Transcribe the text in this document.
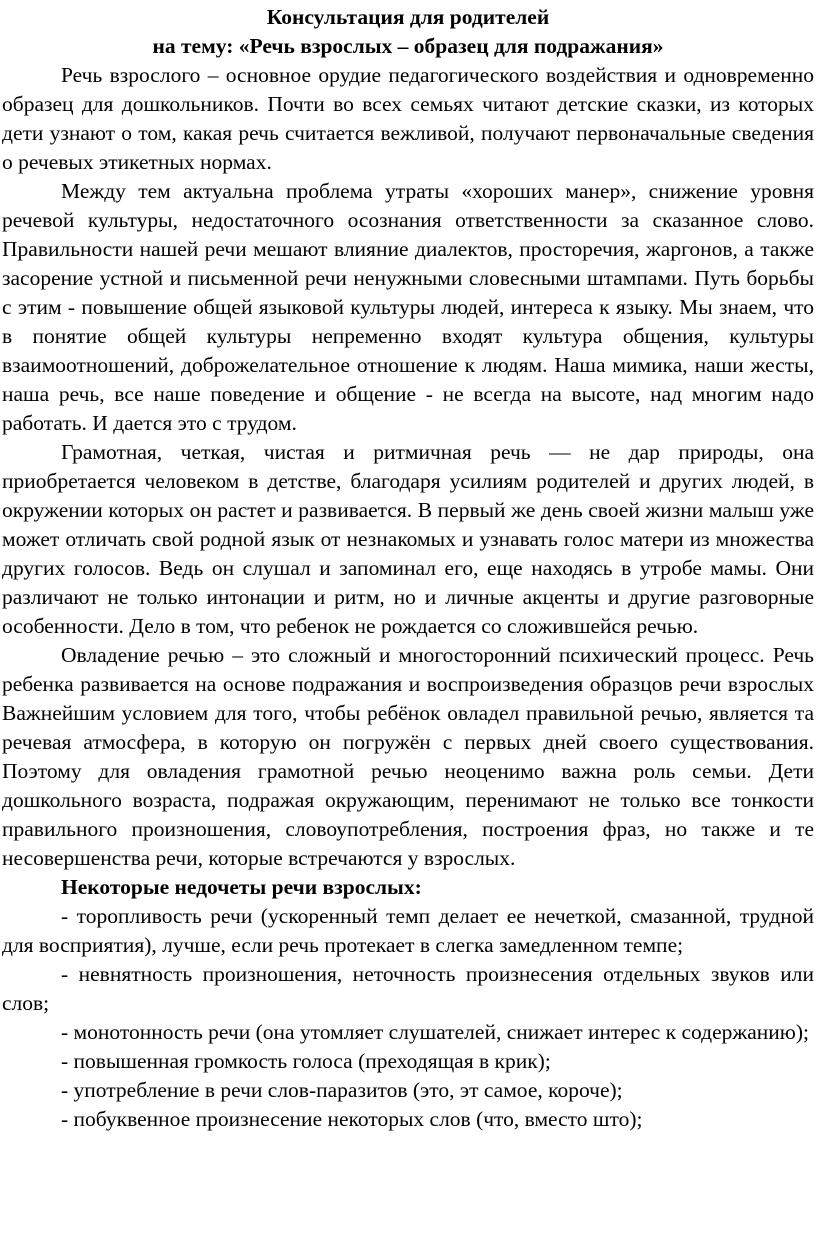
Консультация для родителей
на тему: «Речь взрослых – образец для подражания»

Речь взрослого – основное орудие педагогического воздействия и одновременно образец для дошкольников. Почти во всех семьях читают детские сказки, из которых дети узнают о том, какая речь считается вежливой, получают первоначальные сведения о речевых этикетных нормах.

Между тем актуальна проблема утраты «хороших манер», снижение уровня речевой культуры, недостаточного осознания ответственности за сказанное слово. Правильности нашей речи мешают влияние диалектов, просторечия, жаргонов, а также засорение устной и письменной речи ненужными словесными штампами. Путь борьбы с этим - повышение общей языковой культуры людей, интереса к языку. Мы знаем, что в понятие общей культуры непременно входят культура общения, культуры взаимоотношений, доброжелательное отношение к людям. Наша мимика, наши жесты, наша речь, все наше поведение и общение - не всегда на высоте, над многим надо работать. И дается это с трудом.

Грамотная, четкая, чистая и ритмичная речь — не дар природы, она приобретается человеком в детстве, благодаря усилиям родителей и других людей, в окружении которых он растет и развивается. В первый же день своей жизни малыш уже может отличать свой родной язык от незнакомых и узнавать голос матери из множества других голосов. Ведь он слушал и запоминал его, еще находясь в утробе мамы. Они различают не только интонации и ритм, но и личные акценты и другие разговорные особенности. Дело в том, что ребенок не рождается со сложившейся речью.

Овладение речью – это сложный и многосторонний психический процесс. Речь ребенка развивается на основе подражания и воспроизведения образцов речи взрослых Важнейшим условием для того, чтобы ребёнок овладел правильной речью, является та речевая атмосфера, в которую он погружён с первых дней своего существования. Поэтому для овладения грамотной речью неоценимо важна роль семьи. Дети дошкольного возраста, подражая окружающим, перенимают не только все тонкости правильного произношения, словоупотребления, построения фраз, но также и те несовершенства речи, которые встречаются у взрослых.

Некоторые недочеты речи взрослых:

- торопливость речи (ускоренный темп делает ее нечеткой, смазанной, трудной для восприятия), лучше, если речь протекает в слегка замедленном темпе;

- невнятность произношения, неточность произнесения отдельных звуков или слов;

- монотонность речи (она утомляет слушателей, снижает интерес к содержанию);

- повышенная громкость голоса (преходящая в крик);

- употребление в речи слов-паразитов (это, эт самое, короче);

- побуквенное произнесение некоторых слов (что, вместо што);
